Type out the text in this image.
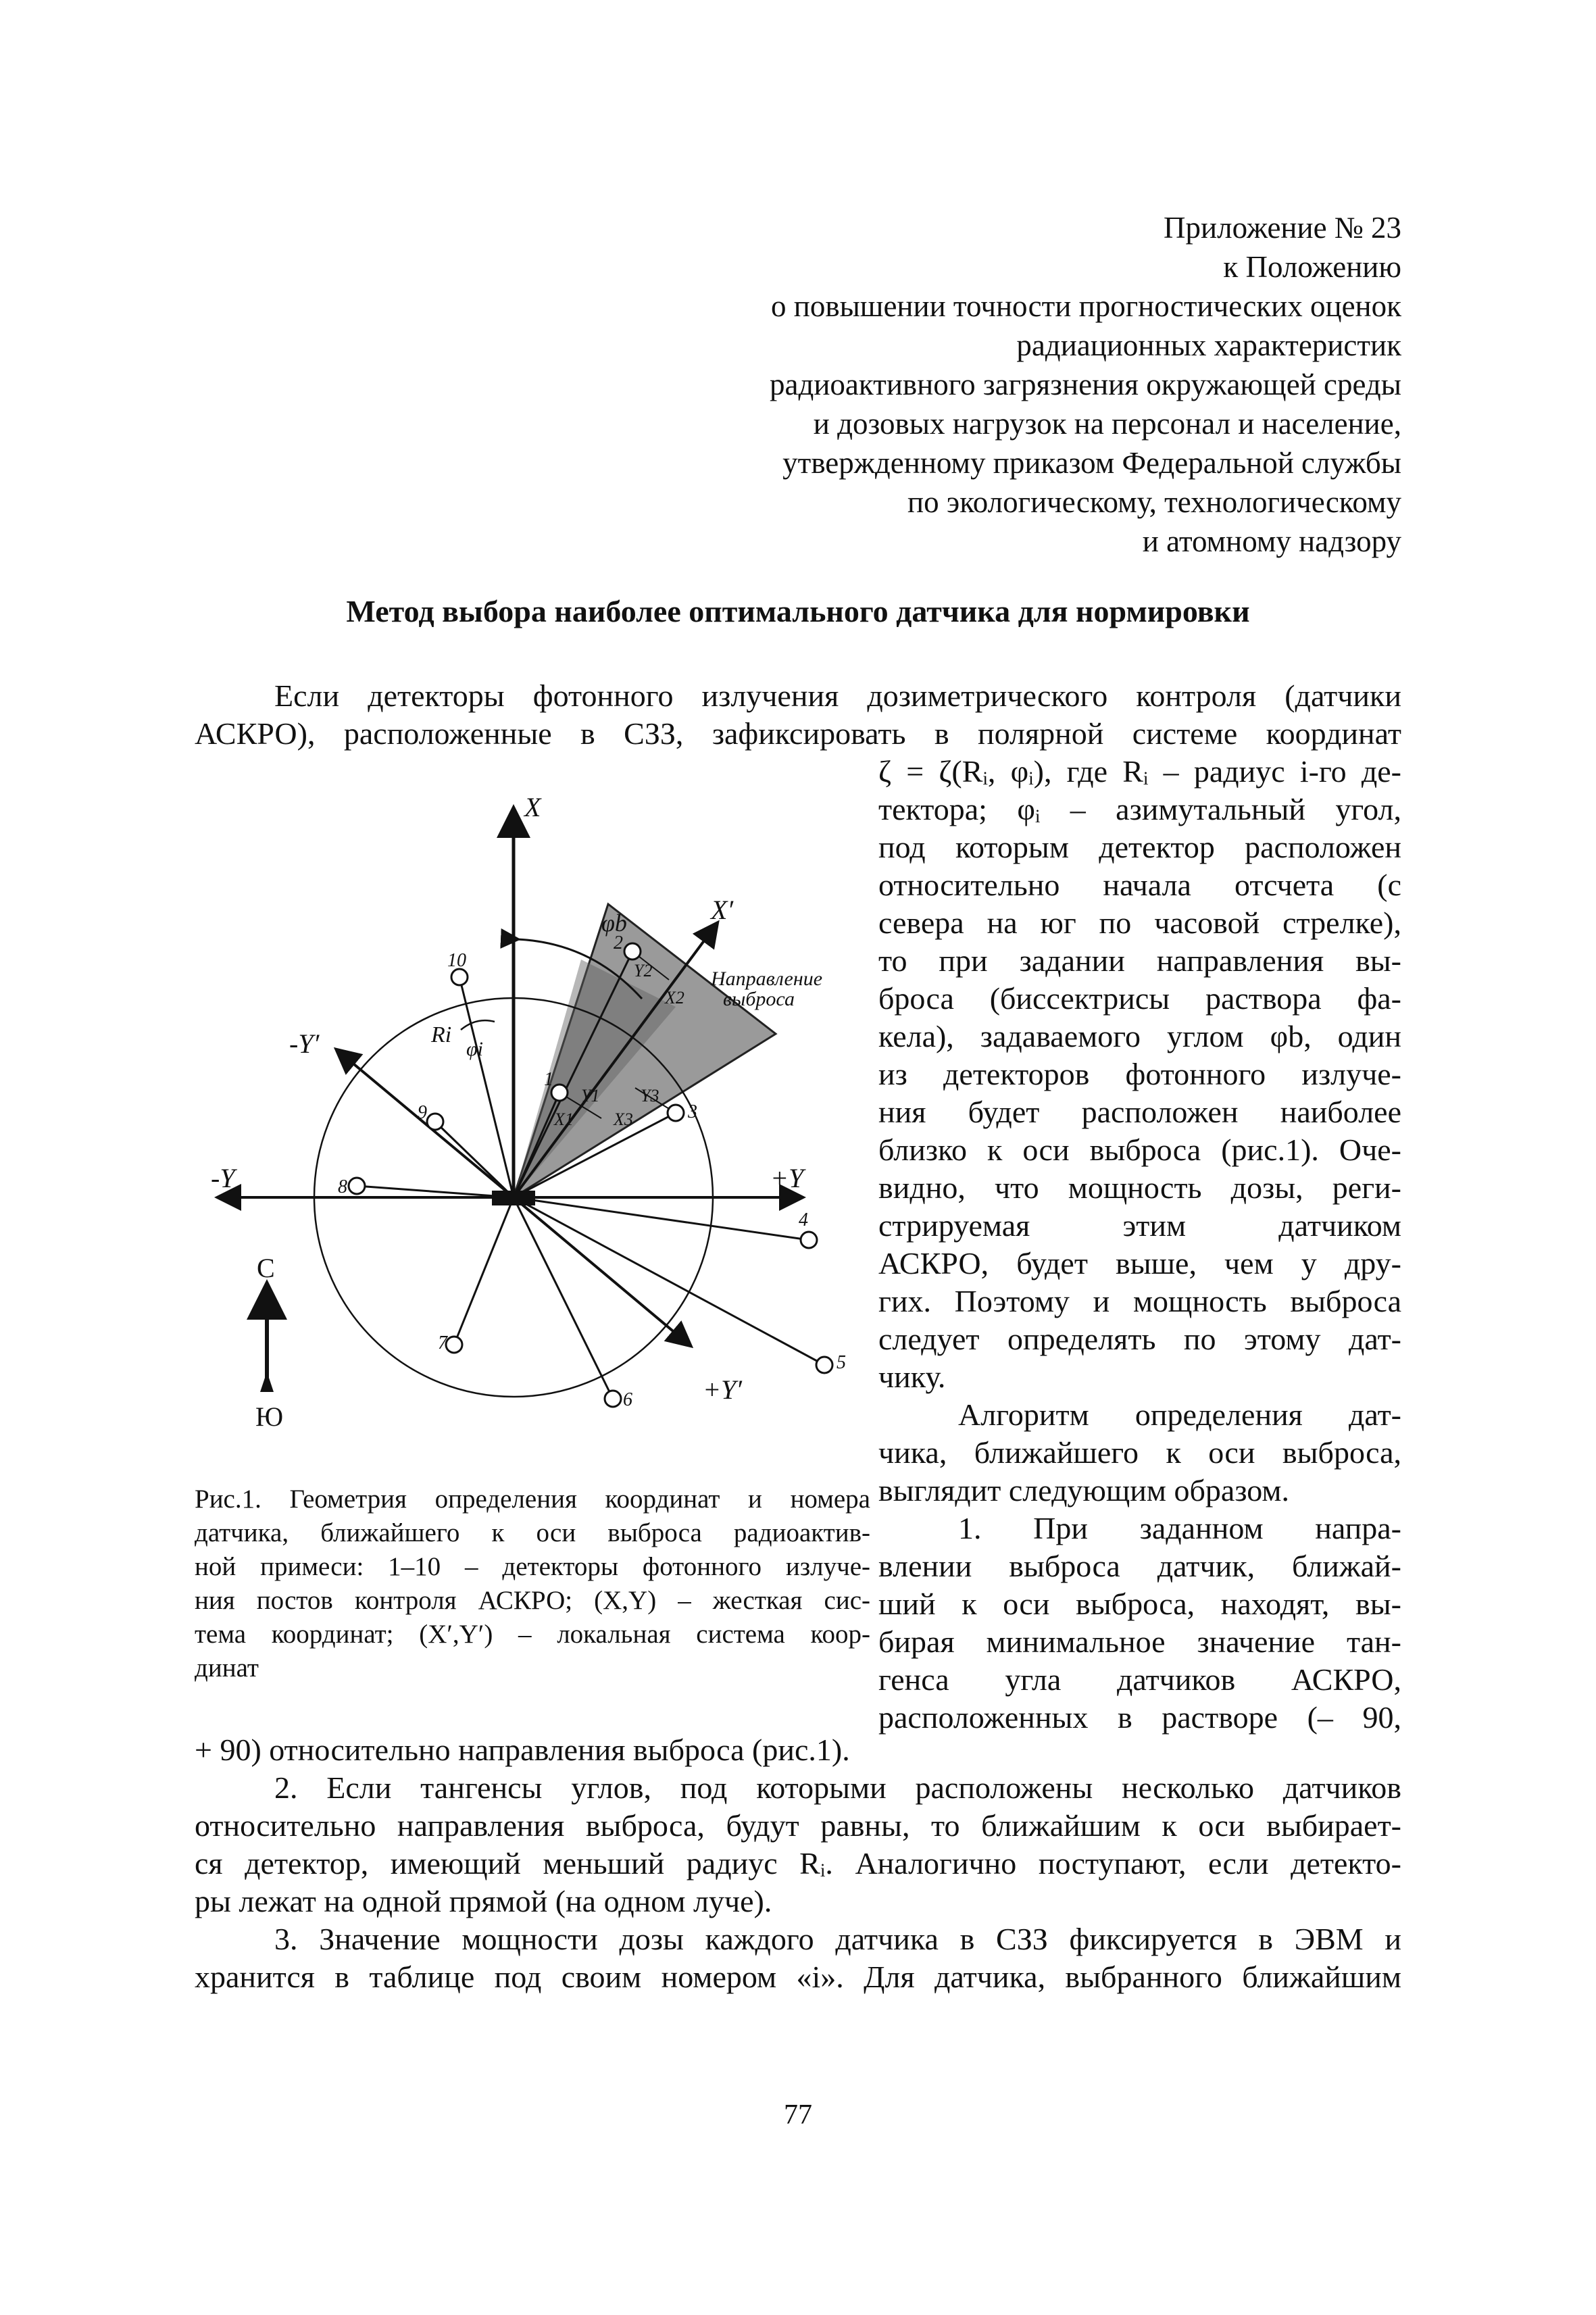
Приложение № 23
к Положению
о повышении точности прогностических оценок
радиационных характеристик
радиоактивного загрязнения окружающей среды
и дозовых нагрузок на персонал и население,
утвержденному приказом Федеральной службы
по экологическому, технологическому
и атомному надзору
Метод выбора наиболее оптимального датчика для нормировки
Если детекторы фотонного излучения дозиметрического контроля (датчики
АСКРО), расположенные в СЗЗ, зафиксировать в полярной системе координат
ζ = ζ(Rᵢ, φᵢ), где Rᵢ – радиус i-го де-
тектора; φᵢ – азимутальный угол,
под которым детектор расположен
относительно начала отсчета (с
севера на юг по часовой стрелке),
то при задании направления вы-
броса (биссектрисы раствора фа-
кела), задаваемого углом φb, один
из детекторов фотонного излуче-
ния будет расположен наиболее
близко к оси выброса (рис.1). Оче-
видно, что мощность дозы, реги-
стрируемая этим датчиком
АСКРО, будет выше, чем у дру-
гих. Поэтому и мощность выброса
следует определять по этому дат-
чику.
Алгоритм определения дат-
чика, ближайшего к оси выброса,
выглядит следующим образом.
1. При заданном напра-
влении выброса датчик, ближай-
ший к оси выброса, находят, вы-
бирая минимальное значение тан-
генса угла датчиков АСКРО,
расположенных в растворе (– 90,
X
X′
-Y	+Y
-Y′
+Y′
С
Ю
φb
Ri
φi
Направление
выброса
1
2
3
4
5
6
7
8
9
10
Y1
Y2
Y3
X1
X2
X3
Рис.1. Геометрия определения координат и номера
датчика, ближайшего к оси выброса радиоактив-
ной примеси: 1–10 – детекторы фотонного излуче-
ния постов контроля АСКРО; (X,Y) – жесткая сис-
тема координат; (X′,Y′) – локальная система коор-
динат
+ 90) относительно направления выброса (рис.1).
2. Если тангенсы углов, под которыми расположены несколько датчиков
относительно направления выброса, будут равны, то ближайшим к оси выбирает-
ся детектор, имеющий меньший радиус Rᵢ. Аналогично поступают, если детекто-
ры лежат на одной прямой (на одном луче).
3. Значение мощности дозы каждого датчика в СЗЗ фиксируется в ЭВМ и
хранится в таблице под своим номером «i». Для датчика, выбранного ближайшим
77
